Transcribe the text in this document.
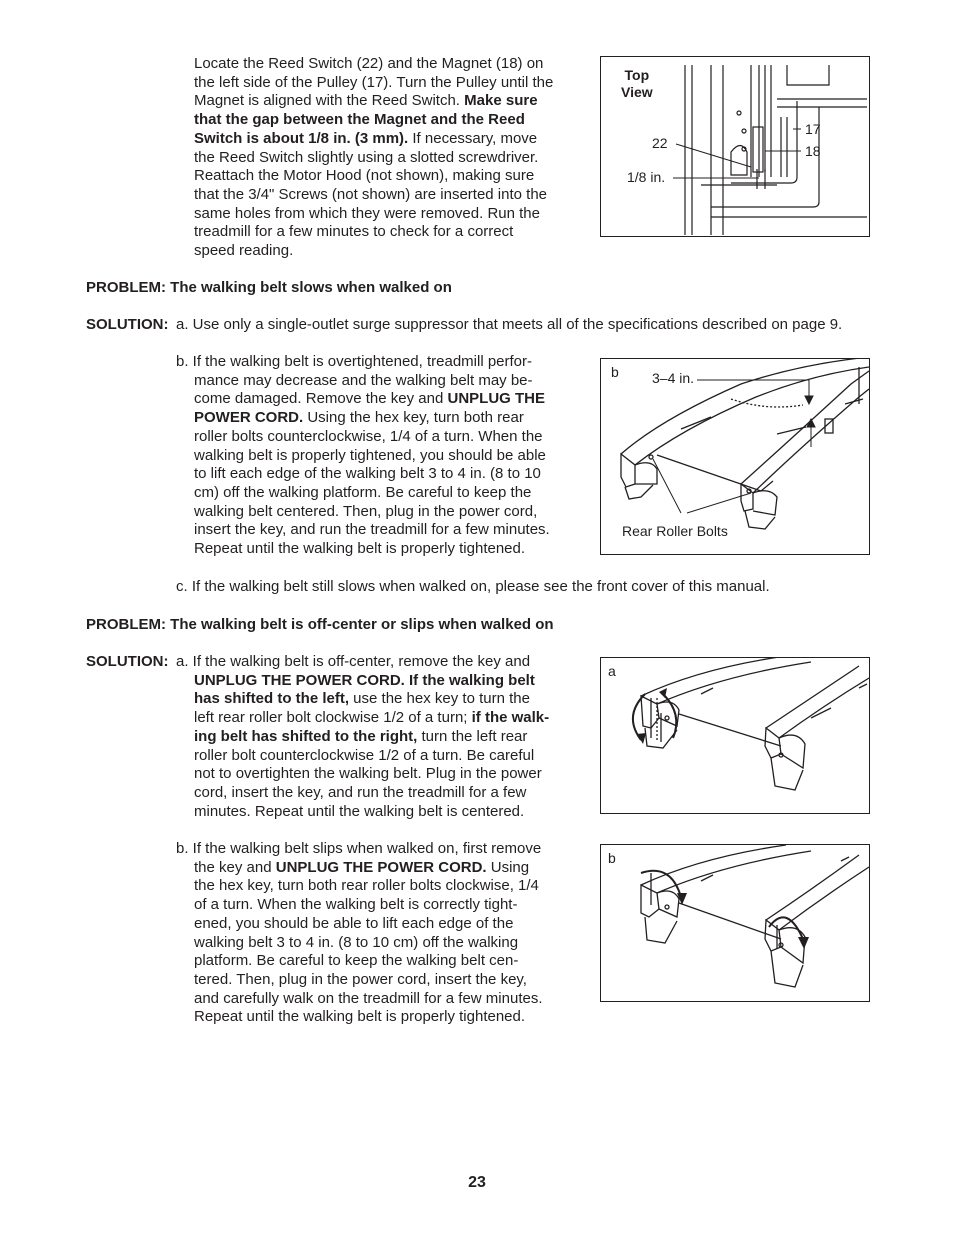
Locate the Reed Switch (22) and the Magnet (18) on
the left side of the Pulley (17). Turn the Pulley until the
Magnet is aligned with the Reed Switch. Make sure
that the gap between the Magnet and the Reed
Switch is about 1/8 in. (3 mm). If necessary, move
the Reed Switch slightly using a slotted screwdriver.
Reattach the Motor Hood (not shown), making sure
that the 3/4" Screws (not shown) are inserted into the
same holes from which they were removed. Run the
treadmill for a few minutes to check for a correct
speed reading.
Top
View
22
1/8 in.
17
18
PROBLEM: The walking belt slows when walked on
SOLUTION: a. Use only a single-outlet surge suppressor that meets all of the specifications described on page 9.
b. If the walking belt is overtightened, treadmill perfor-
mance may decrease and the walking belt may be-
come damaged. Remove the key and UNPLUG THE
POWER CORD. Using the hex key, turn both rear
roller bolts counterclockwise, 1/4 of a turn. When the
walking belt is properly tightened, you should be able
to lift each edge of the walking belt 3 to 4 in. (8 to 10
cm) off the walking platform. Be careful to keep the
walking belt centered. Then, plug in the power cord,
insert the key, and run the treadmill for a few minutes.
Repeat until the walking belt is properly tightened.
c. If the walking belt still slows when walked on, please see the front cover of this manual.
b 3–4 in.
Rear Roller Bolts
PROBLEM: The walking belt is off-center or slips when walked on
SOLUTION: a. If the walking belt is off-center, remove the key and
UNPLUG THE POWER CORD. If the walking belt
has shifted to the left, use the hex key to turn the
left rear roller bolt clockwise 1/2 of a turn; if the walk-
ing belt has shifted to the right, turn the left rear
roller bolt counterclockwise 1/2 of a turn. Be careful
not to overtighten the walking belt. Plug in the power
cord, insert the key, and run the treadmill for a few
minutes. Repeat until the walking belt is centered.
b. If the walking belt slips when walked on, first remove
the key and UNPLUG THE POWER CORD. Using
the hex key, turn both rear roller bolts clockwise, 1/4
of a turn. When the walking belt is correctly tight-
ened, you should be able to lift each edge of the
walking belt 3 to 4 in. (8 to 10 cm) off the walking
platform. Be careful to keep the walking belt cen-
tered. Then, plug in the power cord, insert the key,
and carefully walk on the treadmill for a few minutes.
Repeat until the walking belt is properly tightened.
a
b
23
